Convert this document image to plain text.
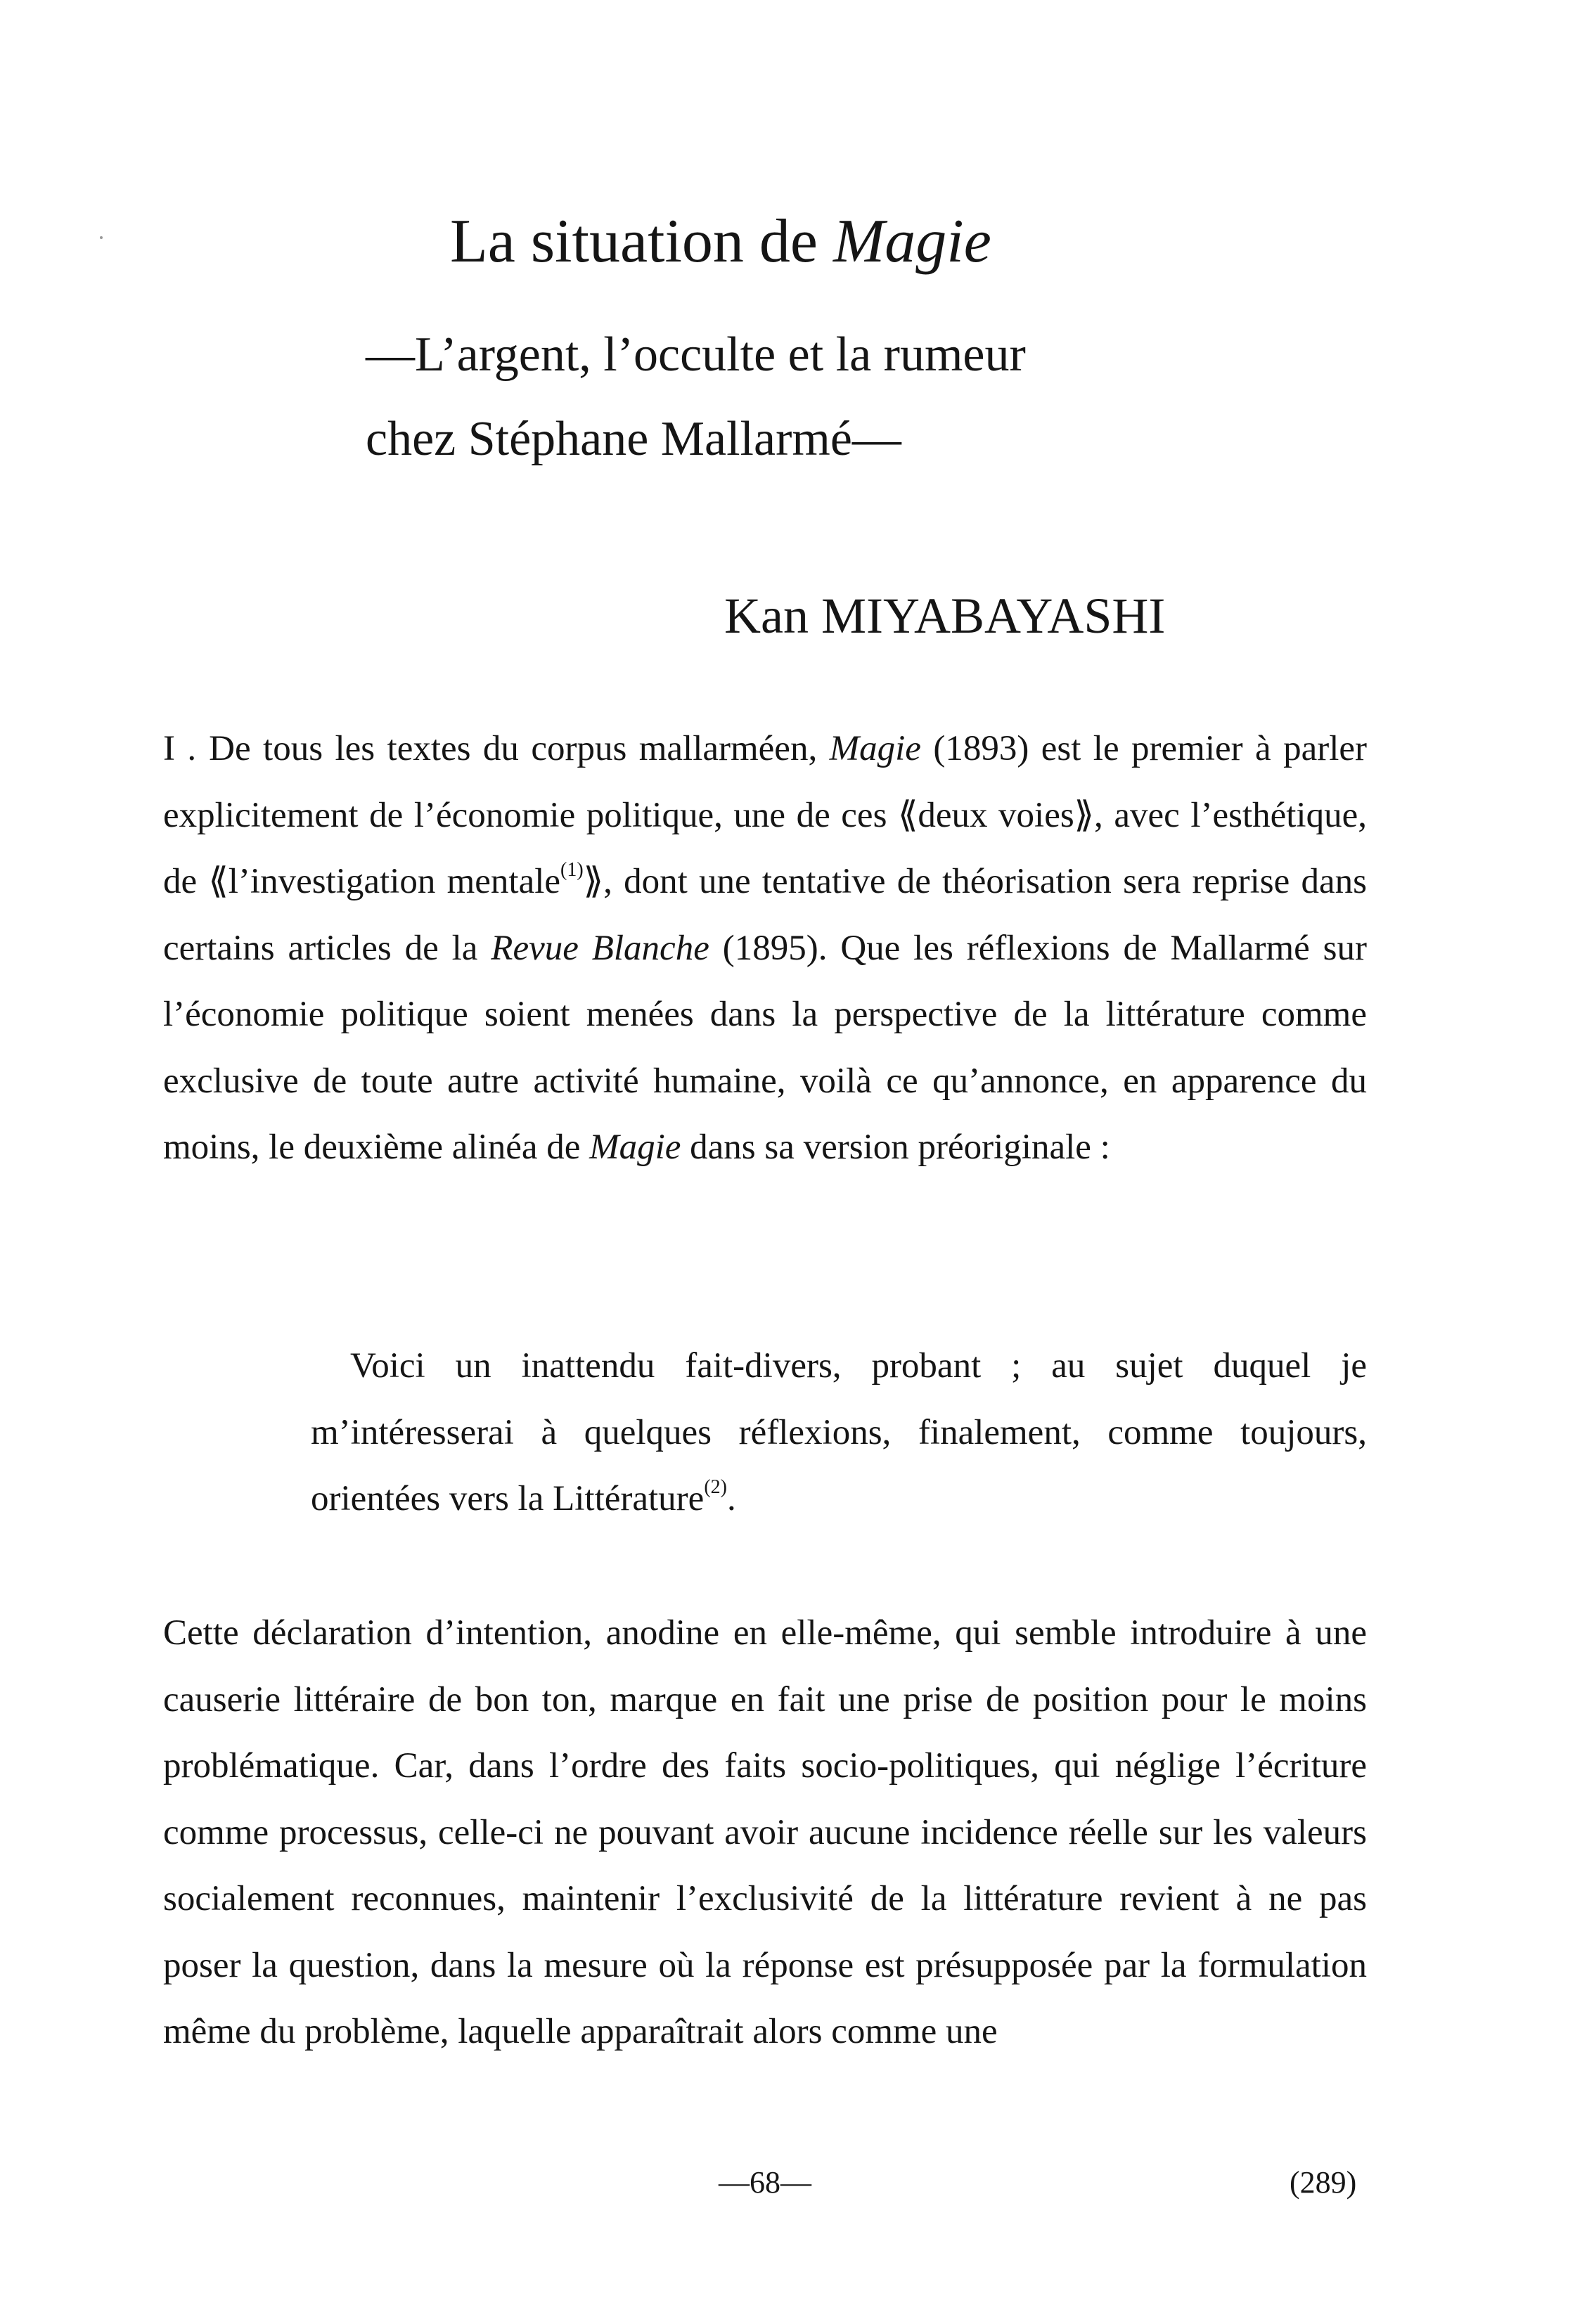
La situation de Magie
—L’argent, l’occulte et la rumeur
chez Stéphane Mallarmé—
Kan MIYABAYASHI
I . De tous les textes du corpus mallarméen, Magie (1893) est le premier à parler explicitement de l’économie politique, une de ces ⟪deux voies⟫, avec l’esthétique, de ⟪l’investigation mentale$^{(1)}$⟫, dont une tentative de théorisation sera reprise dans certains articles de la Revue Blanche (1895). Que les réflexions de Mallarmé sur l’économie politique soient menées dans la perspective de la littérature comme exclusive de toute autre activité humaine, voilà ce qu’annonce, en apparence du moins, le deuxième alinéa de Magie dans sa version préoriginale :
Voici un inattendu fait-divers, probant ; au sujet duquel je m’intéresserai à quelques réflexions, finalement, comme toujours, orientées vers la Littérature$^{(2)}$.
Cette déclaration d’intention, anodine en elle-même, qui semble introduire à une causerie littéraire de bon ton, marque en fait une prise de position pour le moins problématique. Car, dans l’ordre des faits socio-politiques, qui néglige l’écriture comme processus, celle-ci ne pouvant avoir aucune incidence réelle sur les valeurs socialement reconnues, maintenir l’exclusivité de la littérature revient à ne pas poser la question, dans la mesure où la réponse est présupposée par la formulation même du problème, laquelle apparaîtrait alors comme une
—68—	(289)
